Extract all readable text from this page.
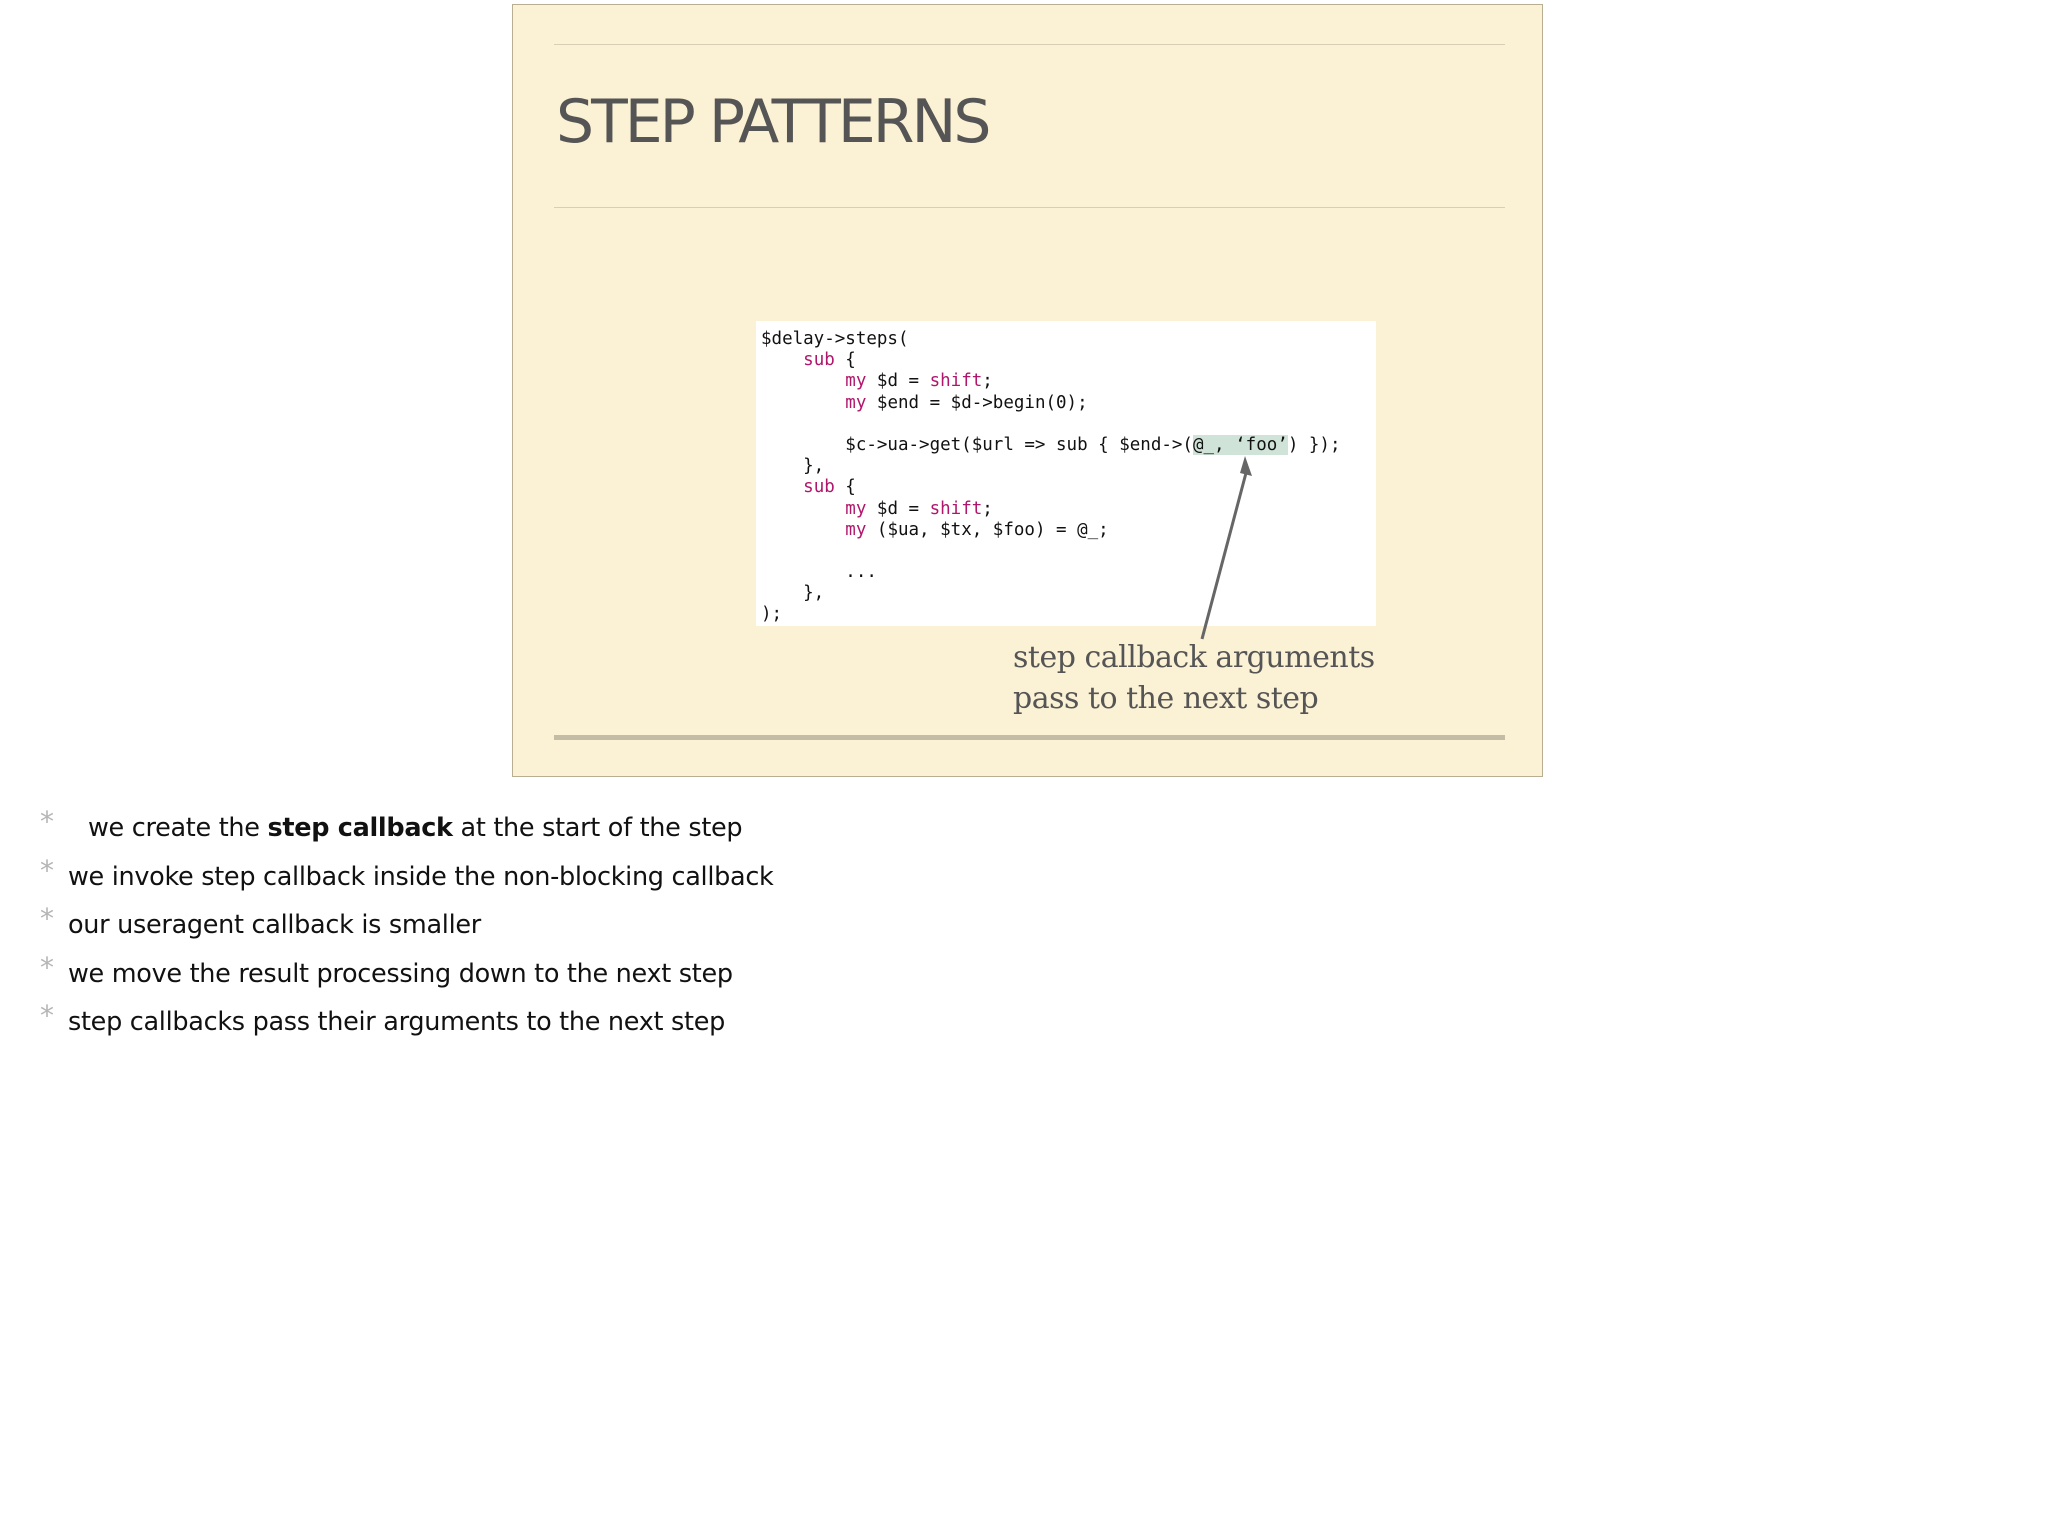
STEP PATTERNS
$delay->steps(
sub {
my $d = shift;
my $end = $d->begin(0);
$c->ua->get($url => sub { $end->(@_, ‘foo’) });
},
sub {
my $d = shift;
my ($ua, $tx, $foo) = @_;
...
},
);
step callback arguments
pass to the next step
* we create the step callback at the start of the step
* we invoke step callback inside the non-blocking callback
* our useragent callback is smaller
* we move the result processing down to the next step
* step callbacks pass their arguments to the next step
